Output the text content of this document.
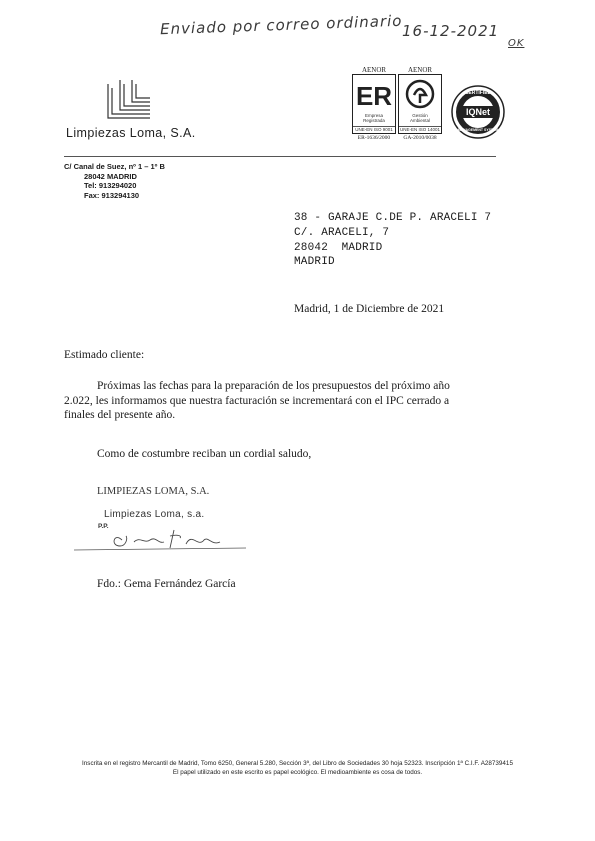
Enviado por correo ordinario 16-12-2021
OK
Limpiezas Loma, S.A.
AENOR
ER
Empresa
Registrada
UNE-EN ISO 9001
ER-1636/2000
AENOR
Gestión
Ambiental
UNE-EN ISO 14001
GA-2010/0038
CERTIFIED
IQNet
MANAGEMENT SYSTEM
C/ Canal de Suez, nº 1 – 1º B
28042 MADRID
Tel: 913294020
Fax: 913294130
38 - GARAJE C.DE P. ARACELI 7
C/. ARACELI, 7
28042  MADRID
MADRID
Madrid, 1 de Diciembre de 2021
Estimado cliente:
Próximas las fechas para la preparación de los presupuestos del próximo año
2.022, les informamos que nuestra facturación se incrementará con el IPC cerrado a
finales del presente año.
Como de costumbre reciban un cordial saludo,
LIMPIEZAS LOMA, S.A.
Limpiezas Loma, s.a.
P.P.
Fdo.: Gema Fernández García
Inscrita en el registro Mercantil de Madrid, Tomo 6250, General 5.280, Sección 3ª, del Libro de Sociedades 30 hoja 52323. Inscripción 1ª C.I.F. A28739415
El papel utilizado en este escrito es papel ecológico. El medioambiente es cosa de todos.
